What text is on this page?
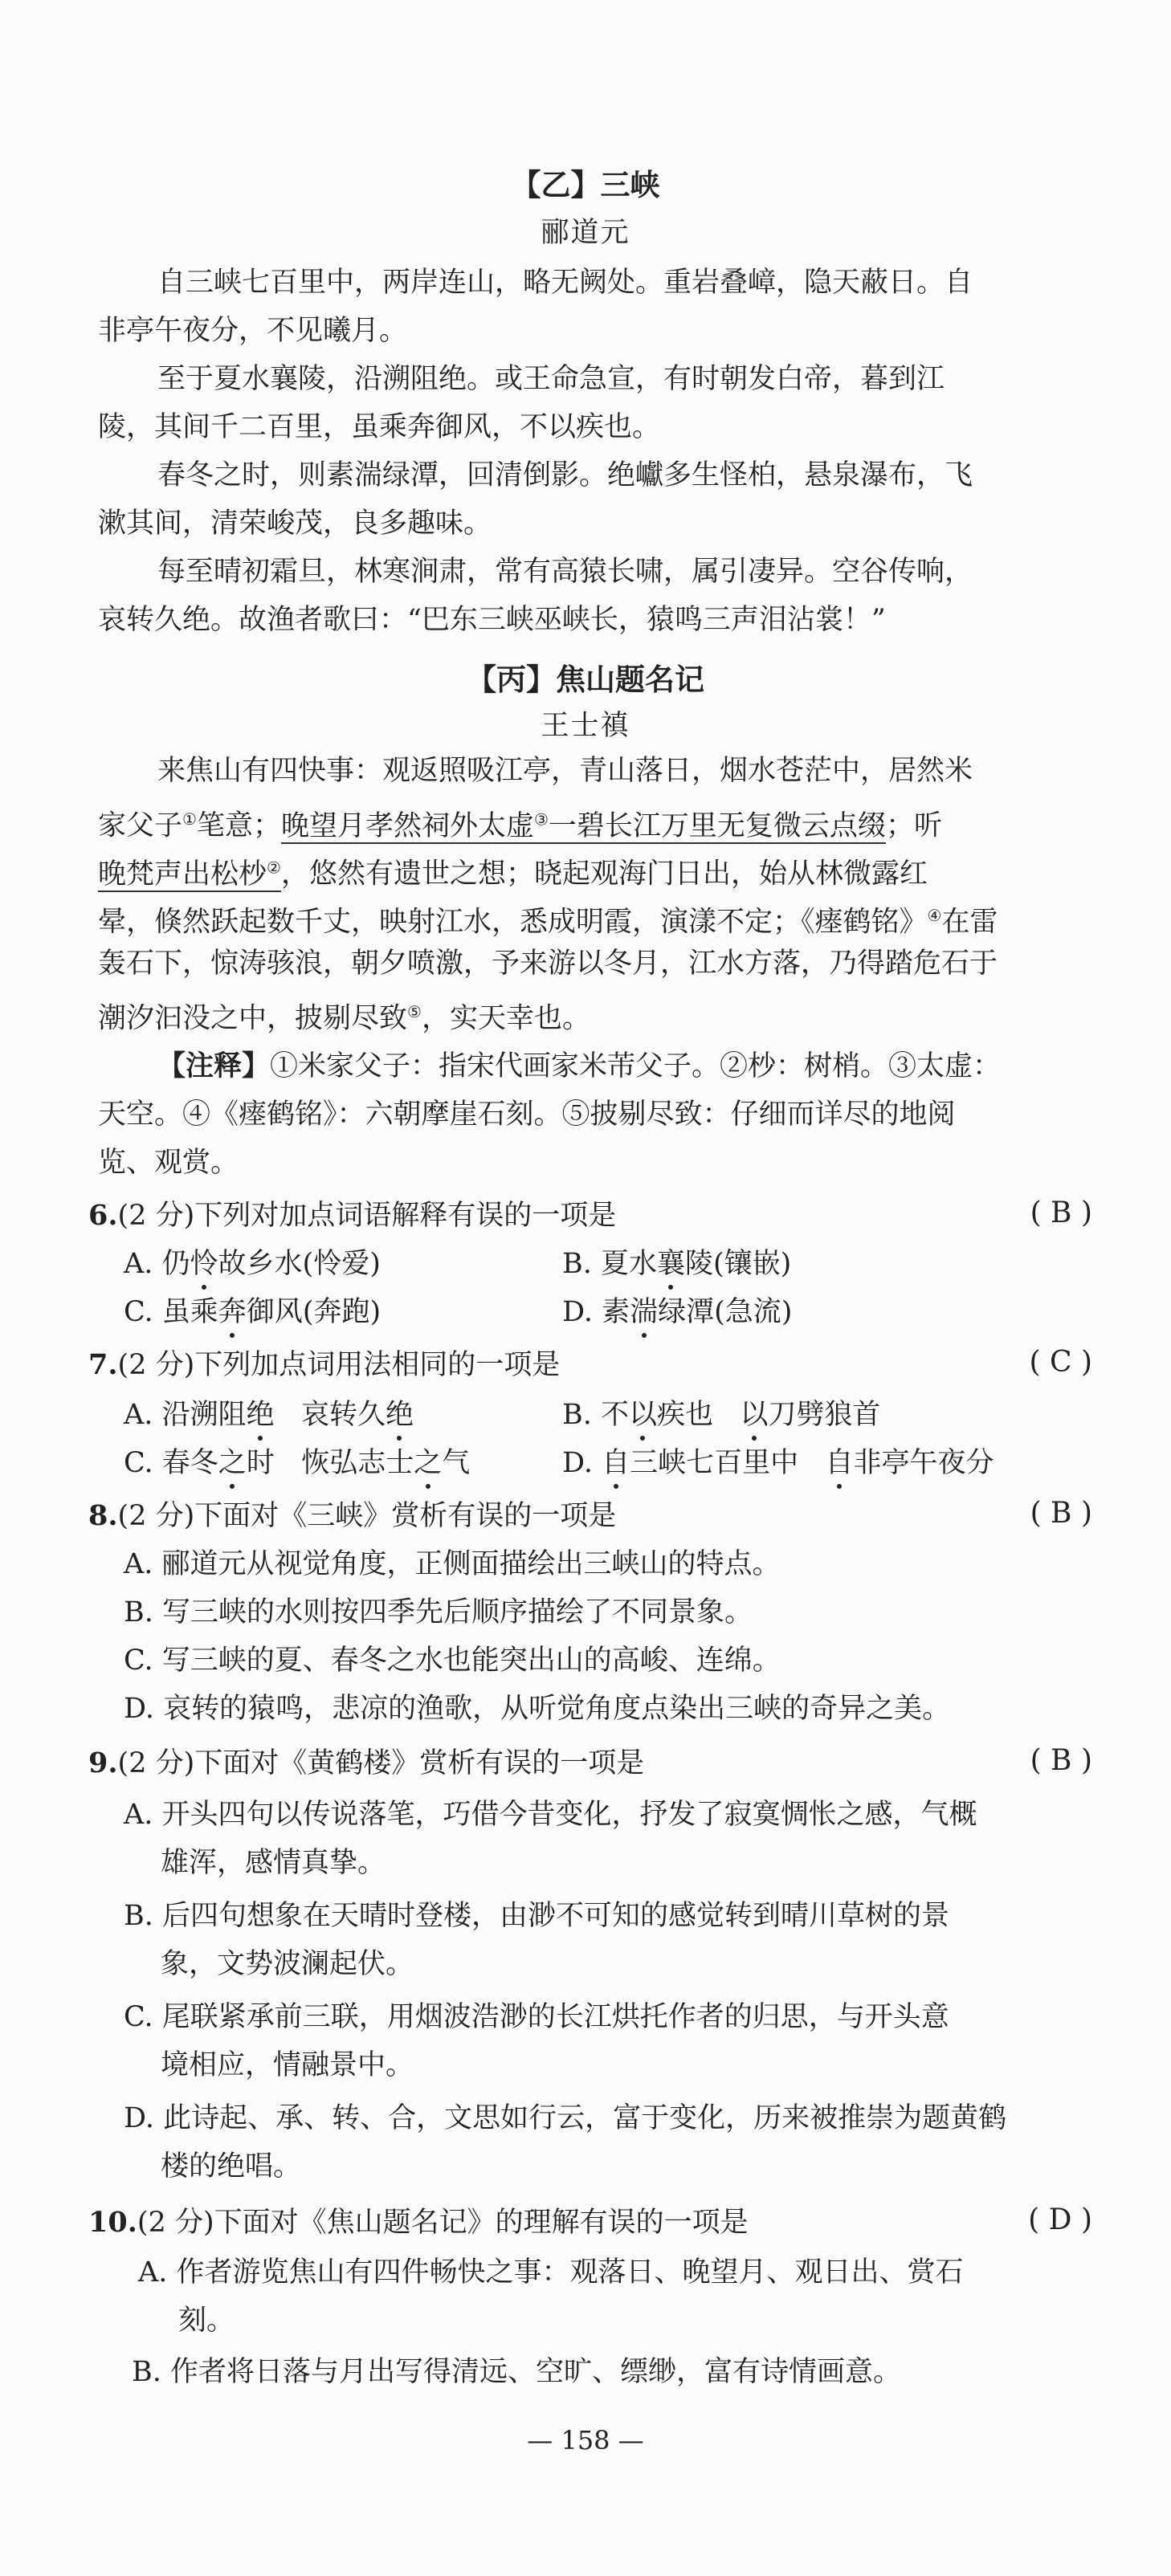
【乙】三峡
郦道元
自三峡七百里中，两岸连山，略无阙处。重岩叠嶂，隐天蔽日。自
非亭午夜分，不见曦月。
至于夏水襄陵，沿溯阻绝。或王命急宣，有时朝发白帝，暮到江
陵，其间千二百里，虽乘奔御风，不以疾也。
春冬之时，则素湍绿潭，回清倒影。绝巘多生怪柏，悬泉瀑布，飞
漱其间，清荣峻茂，良多趣味。
每至晴初霜旦，林寒涧肃，常有高猿长啸，属引凄异。空谷传响，
哀转久绝。故渔者歌曰：“巴东三峡巫峡长，猿鸣三声泪沾裳！”
【丙】焦山题名记
王士禛
来焦山有四快事：观返照吸江亭，青山落日，烟水苍茫中，居然米
家父子①笔意；晚望月孝然祠外太虚③一碧长江万里无复微云点缀；听
晚梵声出松杪②，悠然有遗世之想；晓起观海门日出，始从林微露红
晕，倏然跃起数千丈，映射江水，悉成明霞，演漾不定；《瘗鹤铭》④在雷
轰石下，惊涛骇浪，朝夕喷激，予来游以冬月，江水方落，乃得踏危石于
潮汐汩没之中，披剔尽致⑤，实天幸也。
【注释】①米家父子：指宋代画家米芾父子。②杪：树梢。③太虚：
天空。④《瘗鹤铭》：六朝摩崖石刻。⑤披剔尽致：仔细而详尽的地阅
览、观赏。
6.(2 分)下列对加点词语解释有误的一项是	( B )
A. 仍怜故乡水(怜爱)	B. 夏水襄陵(镶嵌)
C. 虽乘奔御风(奔跑)	D. 素湍绿潭(急流)
7.(2 分)下列加点词用法相同的一项是	( C )
A. 沿溯阻绝 哀转久绝	B. 不以疾也 以刀劈狼首
C. 春冬之时 恢弘志士之气	D. 自三峡七百里中 自非亭午夜分
8.(2 分)下面对《三峡》赏析有误的一项是	( B )
A. 郦道元从视觉角度，正侧面描绘出三峡山的特点。
B. 写三峡的水则按四季先后顺序描绘了不同景象。
C. 写三峡的夏、春冬之水也能突出山的高峻、连绵。
D. 哀转的猿鸣，悲凉的渔歌，从听觉角度点染出三峡的奇异之美。
9.(2 分)下面对《黄鹤楼》赏析有误的一项是	( B )
A. 开头四句以传说落笔，巧借今昔变化，抒发了寂寞惆怅之感，气概
雄浑，感情真挚。
B. 后四句想象在天晴时登楼，由渺不可知的感觉转到晴川草树的景
象，文势波澜起伏。
C. 尾联紧承前三联，用烟波浩渺的长江烘托作者的归思，与开头意
境相应，情融景中。
D. 此诗起、承、转、合，文思如行云，富于变化，历来被推崇为题黄鹤
楼的绝唱。
10.(2 分)下面对《焦山题名记》的理解有误的一项是	( D )
A. 作者游览焦山有四件畅快之事：观落日、晚望月、观日出、赏石
刻。
B. 作者将日落与月出写得清远、空旷、缥缈，富有诗情画意。
— 158 —
